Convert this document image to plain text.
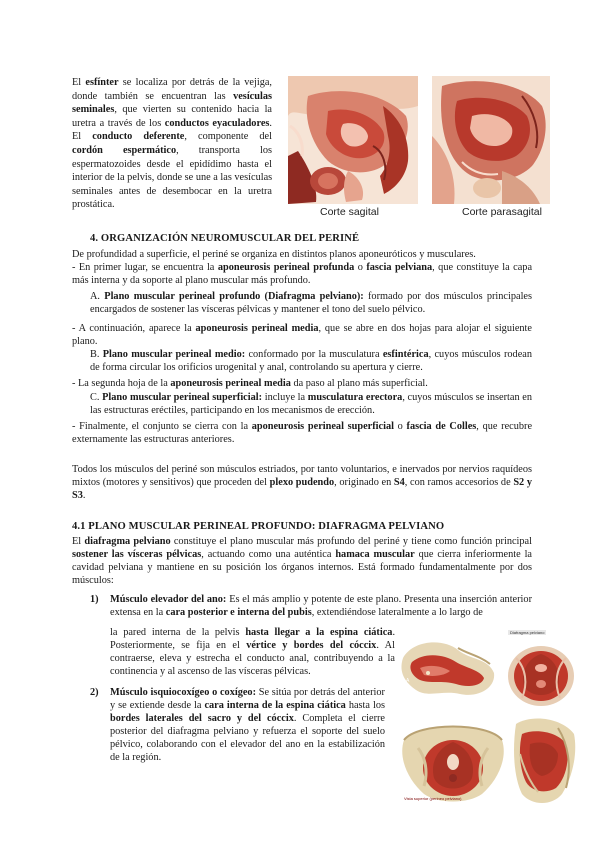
El esfínter se localiza por detrás de la vejiga,
donde también se encuentran las vesículas
seminales, que vierten su contenido hacia la
uretra a través de los conductos eyaculadores.
El conducto deferente, componente del
cordón espermático, transporta los
espermatozoides desde el epidídimo hasta el
interior de la pelvis, donde se une a las vesículas
seminales antes de desembocar en la uretra
prostática.
Corte sagital	Corte parasagital
4. ORGANIZACIÓN NEUROMUSCULAR DEL PERINÉ
De profundidad a superficie, el periné se organiza en distintos planos aponeuróticos y musculares.
- En primer lugar, se encuentra la aponeurosis perineal profunda o fascia pelviana, que constituye la capa más interna y da soporte al plano muscular más profundo.
A. Plano muscular perineal profundo (Diafragma pelviano): formado por dos músculos principales encargados de sostener las vísceras pélvicas y mantener el tono del suelo pélvico.
- A continuación, aparece la aponeurosis perineal media, que se abre en dos hojas para alojar el siguiente plano.
B. Plano muscular perineal medio: conformado por la musculatura esfintérica, cuyos músculos rodean de forma circular los orificios urogenital y anal, controlando su apertura y cierre.
- La segunda hoja de la aponeurosis perineal media da paso al plano más superficial.
C. Plano muscular perineal superficial: incluye la musculatura erectora, cuyos músculos se insertan en las estructuras eréctiles, participando en los mecanismos de erección.
- Finalmente, el conjunto se cierra con la aponeurosis perineal superficial o fascia de Colles, que recubre externamente las estructuras anteriores.
Todos los músculos del periné son músculos estriados, por tanto voluntarios, e inervados por nervios raquídeos mixtos (motores y sensitivos) que proceden del plexo pudendo, originado en S4, con ramos accesorios de S2 y S3.
4.1 PLANO MUSCULAR PERINEAL PROFUNDO: DIAFRAGMA PELVIANO
El diafragma pelviano constituye el plano muscular más profundo del periné y tiene como función principal sostener las vísceras pélvicas, actuando como una auténtica hamaca muscular que cierra inferiormente la cavidad pelviana y mantiene en su posición los órganos internos. Está formado fundamentalmente por dos músculos:
1) Músculo elevador del ano: Es el más amplio y potente de este plano. Presenta una inserción anterior extensa en la cara posterior e interna del pubis, extendiéndose lateralmente a lo largo de
la pared interna de la pelvis hasta llegar a la espina ciática. Posteriormente, se fija en el vértice y bordes del cóccix. Al contraerse, eleva y estrecha el conducto anal, contribuyendo a la continencia y al ascenso de las vísceras pélvicas.
2) Músculo isquiocoxígeo o coxígeo: Se sitúa por detrás del anterior y se extiende desde la cara interna de la espina ciática hasta los bordes laterales del sacro y del cóccix. Completa el cierre posterior del diafragma pelviano y refuerza el soporte del suelo pélvico, colaborando con el elevador del ano en la estabilización de la región.
A
Diafragma pelviano
Vista superior (perineo pelviano)
